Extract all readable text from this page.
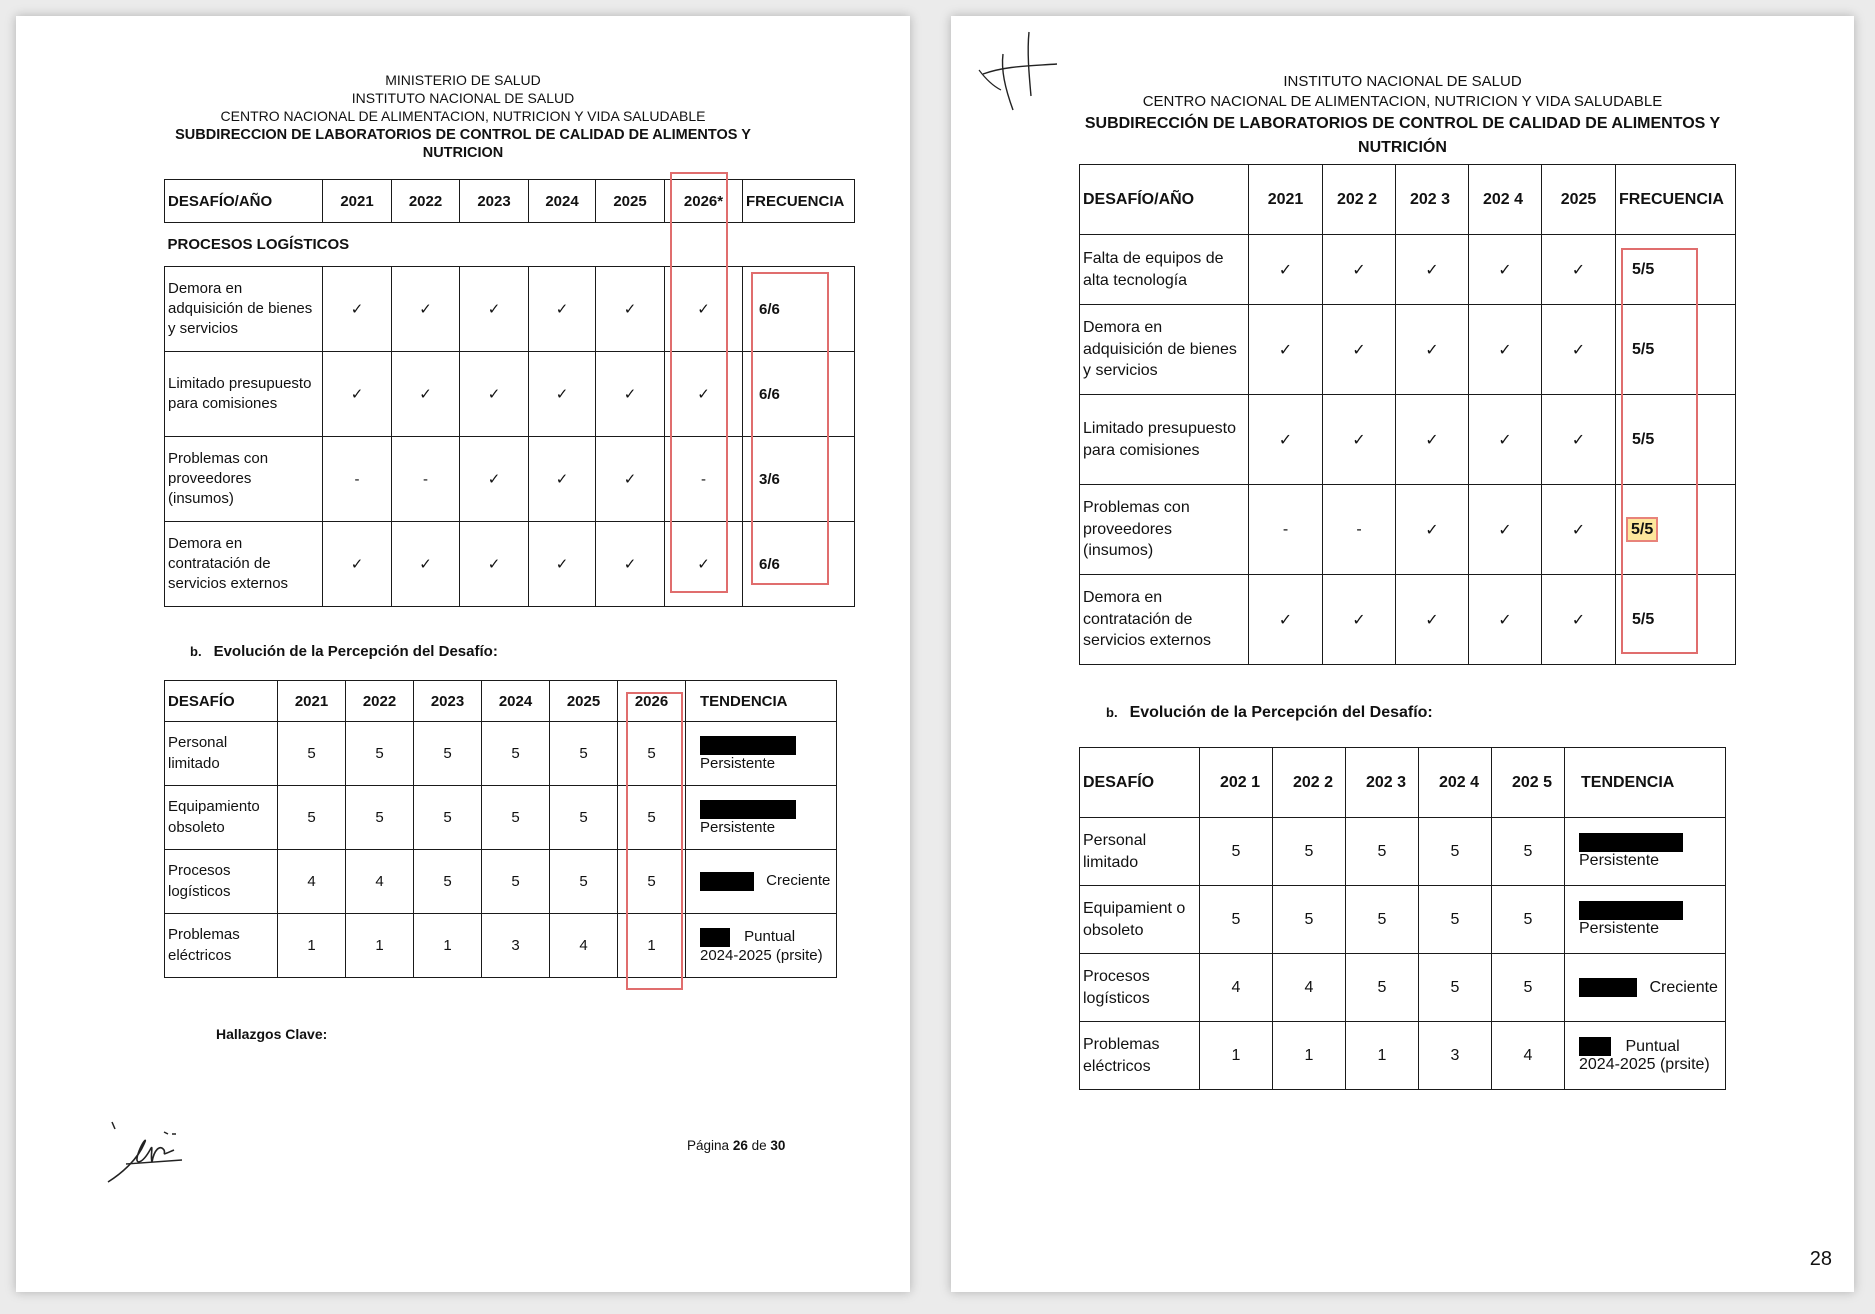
MINISTERIO DE SALUD
INSTITUTO NACIONAL DE SALUD
CENTRO NACIONAL DE ALIMENTACION, NUTRICION Y VIDA SALUDABLE
SUBDIRECCION DE LABORATORIOS DE CONTROL DE CALIDAD DE ALIMENTOS Y
NUTRICION
DESAFÍO/AÑO	2021	2022	2023	2024	2025	2026*	FRECUENCIA
PROCESOS LOGÍSTICOS							
Demora en adquisición de bienes y servicios	✓	✓	✓	✓	✓	✓	6/6
Limitado presupuesto para comisiones	✓	✓	✓	✓	✓	✓	6/6
Problemas con proveedores (insumos)	-	-	✓	✓	✓	-	3/6
Demora en contratación de servicios externos	✓	✓	✓	✓	✓	✓	6/6
b. Evolución de la Percepción del Desafío:
DESAFÍO	2021	2022	2023	2024	2025	2026	TENDENCIA
Personal limitado	5	5	5	5	5	5	Persistente

Equipamiento obsoleto	5	5	5	5	5	5	Persistente

Procesos logísticos	4	4	5	5	5	5	Creciente
Problemas eléctricos	1	1	1	3	4	1	Puntual
2024-2025 (prsite)
Hallazgos Clave:
Página 26 de 30
INSTITUTO NACIONAL DE SALUD
CENTRO NACIONAL DE ALIMENTACION, NUTRICION Y VIDA SALUDABLE
SUBDIRECCIÓN DE LABORATORIOS DE CONTROL DE CALIDAD DE ALIMENTOS Y
NUTRICIÓN
DESAFÍO/AÑO	2021	202 2	202 3	202 4	2025	FRECUENCIA
Falta de equipos de alta tecnología	✓	✓	✓	✓	✓	5/5
Demora en adquisición de bienes y servicios	✓	✓	✓	✓	✓	5/5
Limitado presupuesto para comisiones	✓	✓	✓	✓	✓	5/5
Problemas con proveedores (insumos)	-	-	✓	✓	✓	5/5
Demora en contratación de servicios externos	✓	✓	✓	✓	✓	5/5
b. Evolución de la Percepción del Desafío:
DESAFÍO	202 1	202 2	202 3	202 4	202 5	TENDENCIA
Personal limitado	5	5	5	5	5	Persistente

Equipamient o obsoleto	5	5	5	5	5	Persistente

Procesos logísticos	4	4	5	5	5	Creciente
Problemas eléctricos	1	1	1	3	4	Puntual
2024-2025 (prsite)
28
